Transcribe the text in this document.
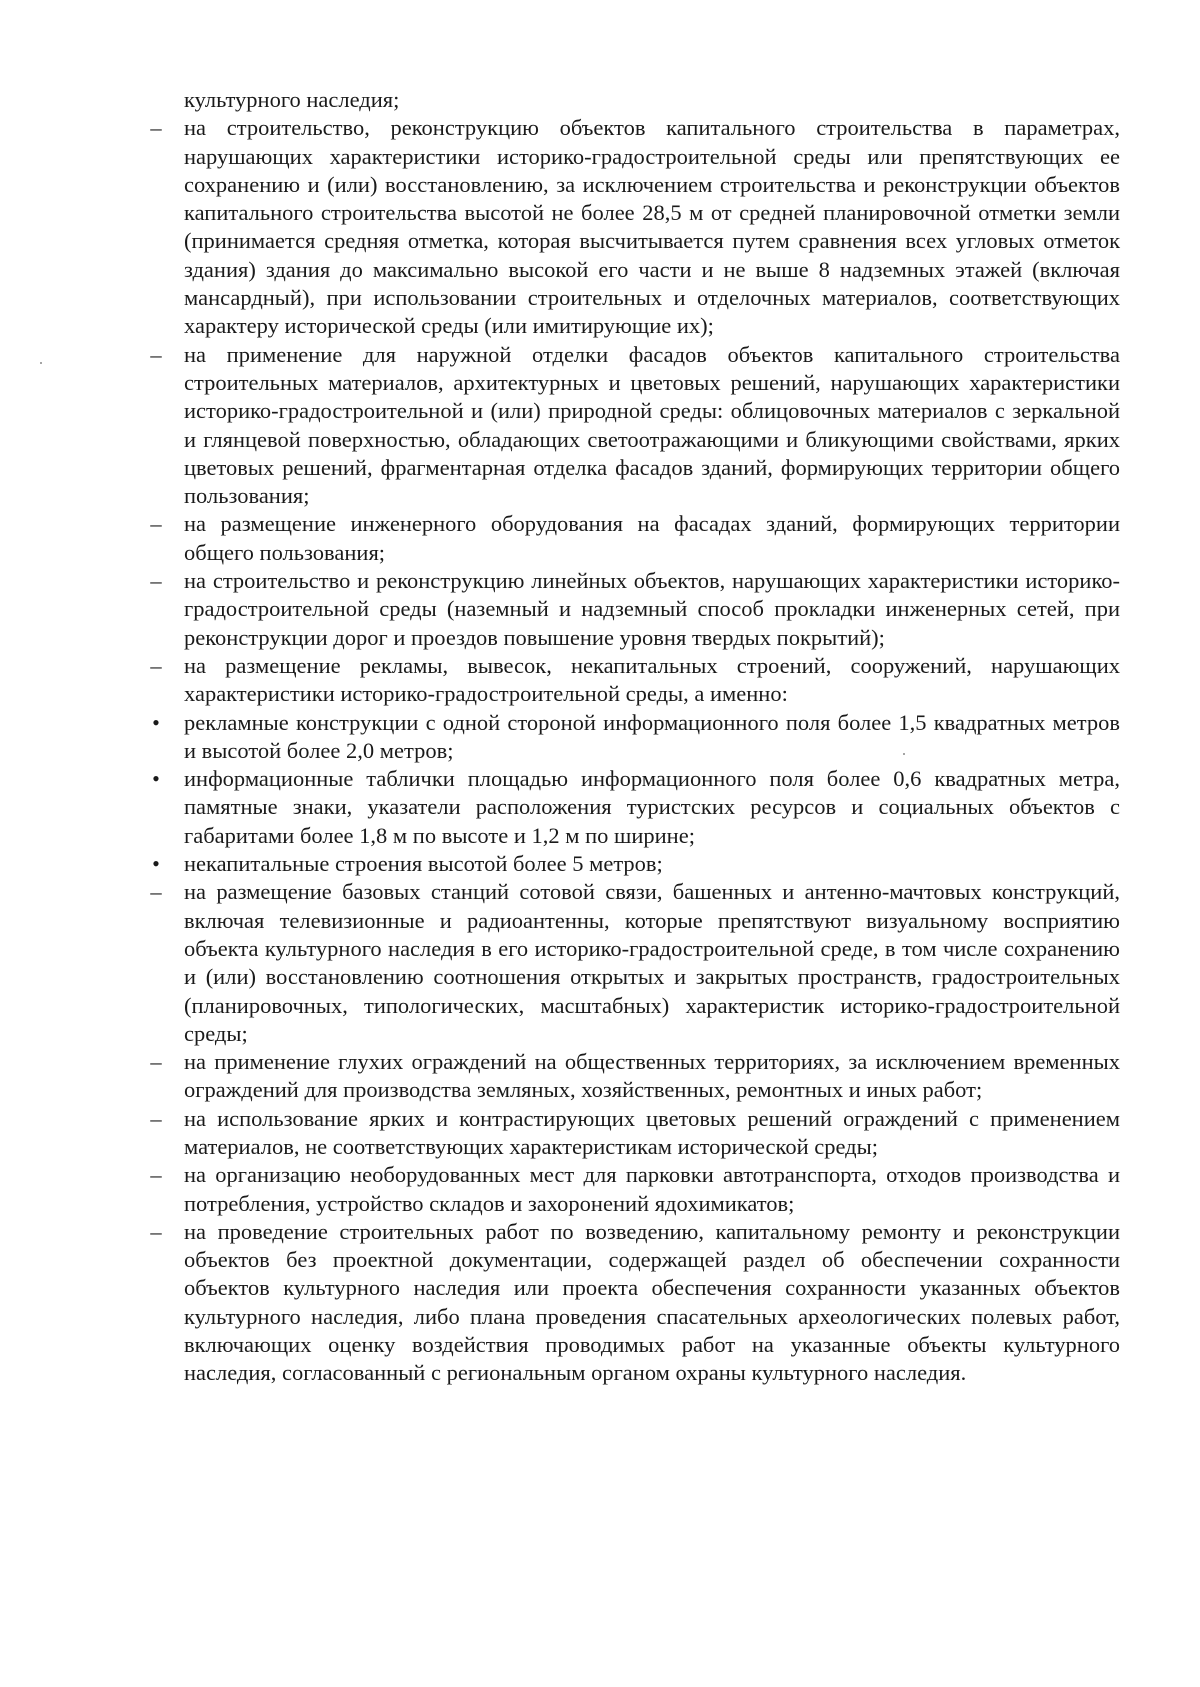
культурного наследия;
– на строительство, реконструкцию объектов капитального строительства в параметрах, нарушающих характеристики историко-градостроительной среды или препятствующих ее сохранению и (или) восстановлению, за исключением строительства и реконструкции объектов капитального строительства высотой не более 28,5 м от средней планировочной отметки земли (принимается средняя отметка, которая высчитывается путем сравнения всех угловых отметок здания) здания до максимально высокой его части и не выше 8 надземных этажей (включая мансардный), при использовании строительных и отделочных материалов, соответствующих характеру исторической среды (или имитирующие их);
– на применение для наружной отделки фасадов объектов капитального строительства строительных материалов, архитектурных и цветовых решений, нарушающих характеристики историко-градостроительной и (или) природной среды: облицовочных материалов с зеркальной и глянцевой поверхностью, обладающих светоотражающими и бликующими свойствами, ярких цветовых решений, фрагментарная отделка фасадов зданий, формирующих территории общего пользования;
– на размещение инженерного оборудования на фасадах зданий, формирующих территории общего пользования;
– на строительство и реконструкцию линейных объектов, нарушающих характеристики историко-градостроительной среды (наземный и надземный способ прокладки инженерных сетей, при реконструкции дорог и проездов повышение уровня твердых покрытий);
– на размещение рекламы, вывесок, некапитальных строений, сооружений, нарушающих характеристики историко-градостроительной среды, а именно:
•	рекламные конструкции с одной стороной информационного поля более 1,5 квадратных метров и высотой более 2,0 метров;
•	информационные таблички площадью информационного поля более 0,6 квадратных метра, памятные знаки, указатели расположения туристских ресурсов и социальных объектов с габаритами более 1,8 м по высоте и 1,2 м по ширине;
•	некапитальные строения высотой более 5 метров;
– на размещение базовых станций сотовой связи, башенных и антенно-мачтовых конструкций, включая телевизионные и радиоантенны, которые препятствуют визуальному восприятию объекта культурного наследия в его историко-градостроительной среде, в том числе сохранению и (или) восстановлению соотношения открытых и закрытых пространств, градостроительных (планировочных, типологических, масштабных) характеристик историко-градостроительной среды;
– на применение глухих ограждений на общественных территориях, за исключением временных ограждений для производства земляных, хозяйственных, ремонтных и иных работ;
– на использование ярких и контрастирующих цветовых решений ограждений с применением материалов, не соответствующих характеристикам исторической среды;
– на организацию необорудованных мест для парковки автотранспорта, отходов производства и потребления, устройство складов и захоронений ядохимикатов;
– на проведение строительных работ по возведению, капитальному ремонту и реконструкции объектов без проектной документации, содержащей раздел об обеспечении сохранности объектов культурного наследия или проекта обеспечения сохранности указанных объектов культурного наследия, либо плана проведения спасательных археологических полевых работ, включающих оценку воздействия проводимых работ на указанные объекты культурного наследия, согласованный с региональным органом охраны культурного наследия.
